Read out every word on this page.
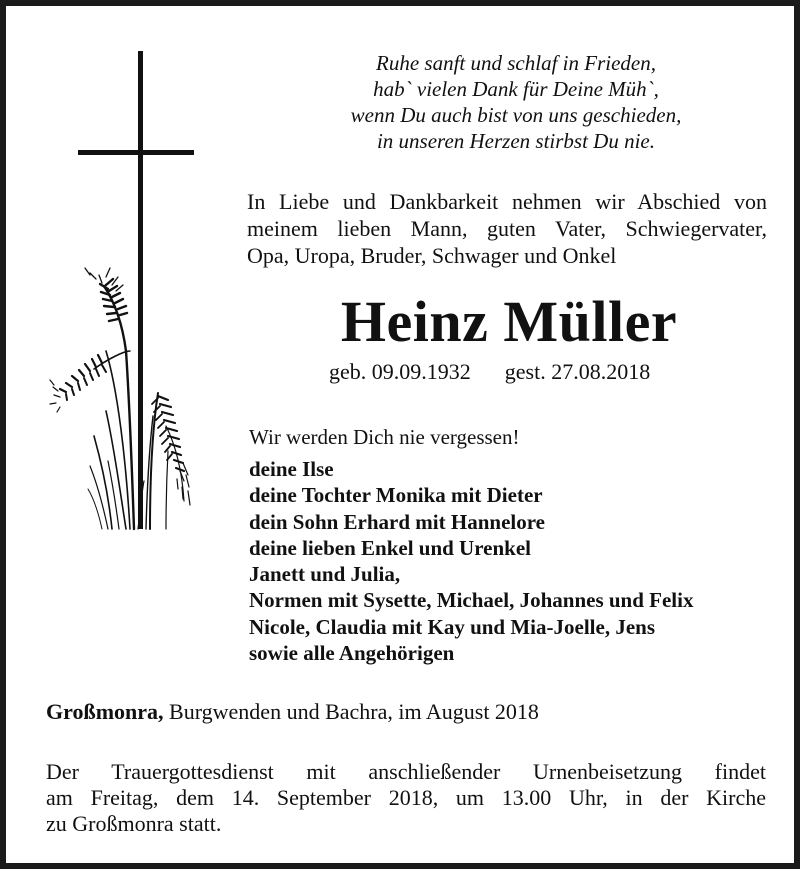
Ruhe sanft und schlaf in Frieden,
hab` vielen Dank für Deine Müh`,
wenn Du auch bist von uns geschieden,
in unseren Herzen stirbst Du nie.
In Liebe und Dankbarkeit nehmen wir Abschied von
meinem lieben Mann, guten Vater, Schwiegervater,
Opa, Uropa, Bruder, Schwager und Onkel
Heinz Müller
geb. 09.09.1932 gest. 27.08.2018
Wir werden Dich nie vergessen!
deine Ilse
deine Tochter Monika mit Dieter
dein Sohn Erhard mit Hannelore
deine lieben Enkel und Urenkel
Janett und Julia,
Normen mit Sysette, Michael, Johannes und Felix
Nicole, Claudia mit Kay und Mia-Joelle, Jens
sowie alle Angehörigen
Großmonra, Burgwenden und Bachra, im August 2018
Der Trauergottesdienst mit anschließender Urnenbeisetzung findet
am Freitag, dem 14. September 2018, um 13.00 Uhr, in der Kirche
zu Großmonra statt.
